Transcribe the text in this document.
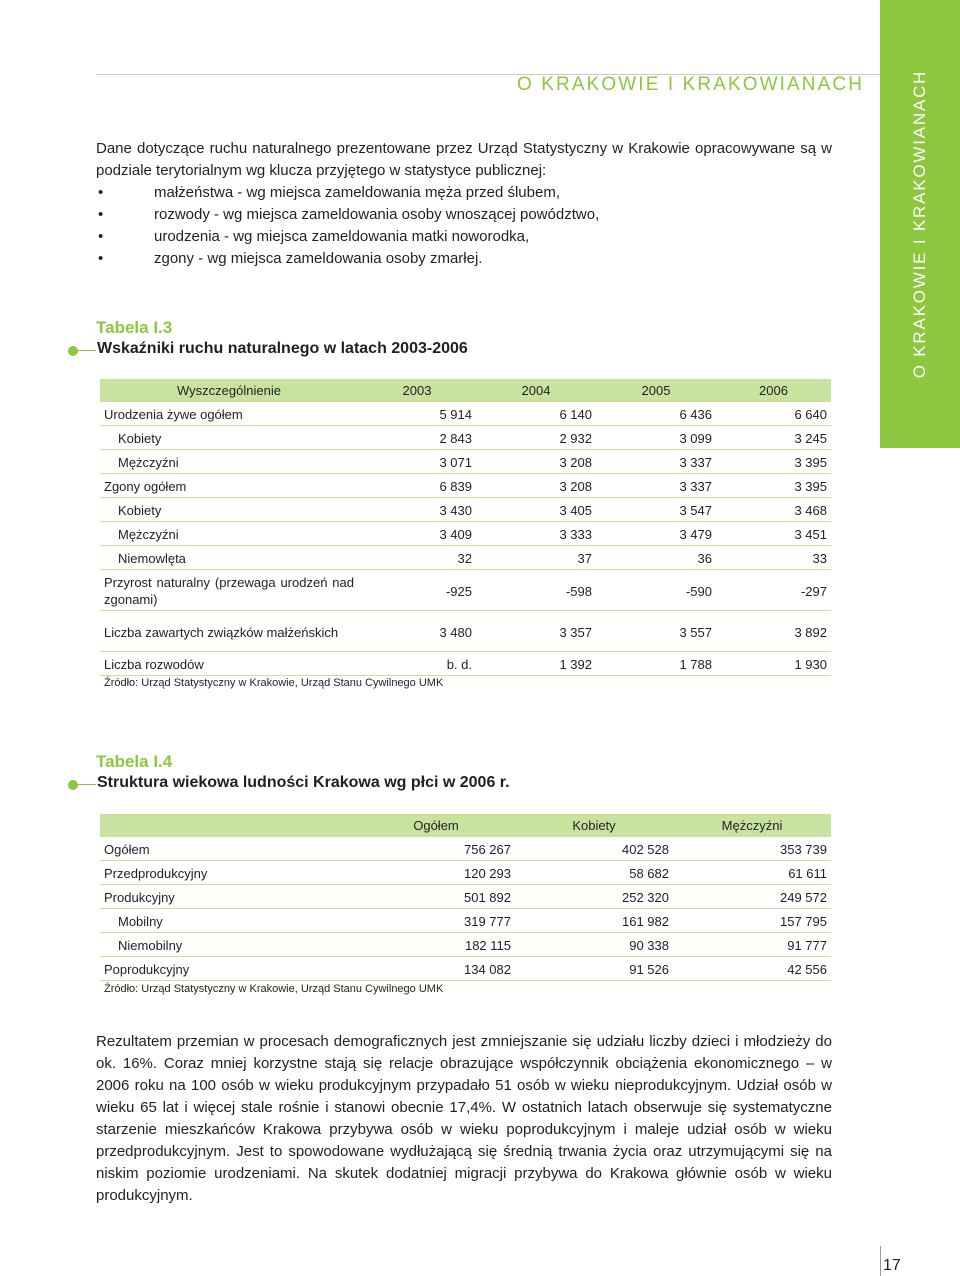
O KRAKOWIE I KRAKOWIANACH	O KRAKOWIE I KRAKOWIANACH

Dane dotyczące ruchu naturalnego prezentowane przez Urząd Statystyczny w Krakowie opracowywane są w podziale terytorialnym wg klucza przyjętego w statystyce publicznej:

•	małżeństwa - wg miejsca zameldowania męża przed ślubem,
•	rozwody - wg miejsca zameldowania osoby wnoszącej powództwo,
•	urodzenia - wg miejsca zameldowania matki noworodka,
•	zgony - wg miejsca zameldowania osoby zmarłej.
Tabela I.3
Wskaźniki ruchu naturalnego w latach 2003-2006
Wyszczególnienie	2003	2004	2005	2006
Urodzenia żywe ogółem	5 914	6 140	6 436	6 640
Kobiety	2 843	2 932	3 099	3 245
Mężczyźni	3 071	3 208	3 337	3 395
Zgony ogółem	6 839	3 208	3 337	3 395
Kobiety	3 430	3 405	3 547	3 468
Mężczyźni	3 409	3 333	3 479	3 451
Niemowlęta	32	37	36	33
Przyrost naturalny (przewaga urodzeń nad zgonami)	-925	-598	-590	-297
Liczba zawartych związków małżeńskich	3 480	3 357	3 557	3 892
Liczba rozwodów	b. d.	1 392	1 788	1 930
Źródło: Urząd Statystyczny w Krakowie, Urząd Stanu Cywilnego UMK
Tabela I.4
Struktura wiekowa ludności Krakowa wg płci w 2006 r.
	Ogółem	Kobiety	Mężczyźni
Ogółem	756 267	402 528	353 739
Przedprodukcyjny	120 293	58 682	61 611
Produkcyjny	501 892	252 320	249 572
Mobilny	319 777	161 982	157 795
Niemobilny	182 115	90 338	91 777
Poprodukcyjny	134 082	91 526	42 556
Źródło: Urząd Statystyczny w Krakowie, Urząd Stanu Cywilnego UMK

Rezultatem przemian w procesach demograficznych jest zmniejszanie się udziału liczby dzieci i młodzieży do ok. 16%. Coraz mniej korzystne stają się relacje obrazujące współczynnik obciążenia ekonomicznego – w 2006 roku na 100 osób w wieku produkcyjnym przypadało 51 osób w wieku nieprodukcyjnym. Udział osób w wieku 65 lat i więcej stale rośnie i stanowi obecnie 17,4%. W ostatnich latach obserwuje się systematyczne starzenie mieszkańców Krakowa przybywa osób w wieku poprodukcyjnym i maleje udział osób w wieku przedprodukcyjnym. Jest to spowodowane wydłużającą się średnią trwania życia oraz utrzymującymi się na niskim poziomie urodzeniami. Na skutek dodatniej migracji przybywa do Krakowa głównie osób w wieku produkcyjnym.

17
